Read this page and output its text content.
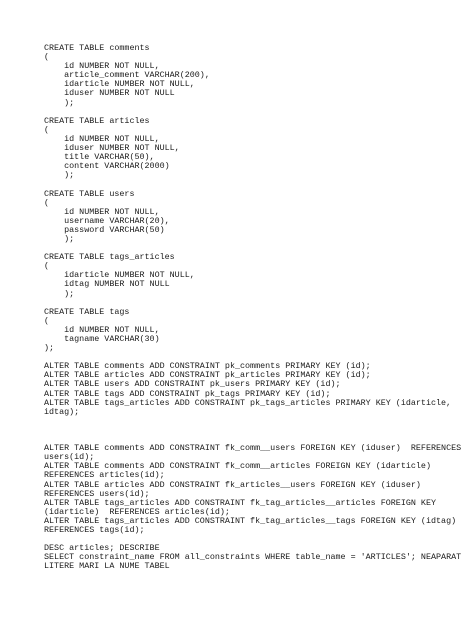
CREATE TABLE comments
(
id NUMBER NOT NULL,
article_comment VARCHAR(200),
idarticle NUMBER NOT NULL,
iduser NUMBER NOT NULL
);
CREATE TABLE articles
(
id NUMBER NOT NULL,
iduser NUMBER NOT NULL,
title VARCHAR(50),
content VARCHAR(2000)
);
CREATE TABLE users
(
id NUMBER NOT NULL,
username VARCHAR(20),
password VARCHAR(50)
);
CREATE TABLE tags_articles
(
idarticle NUMBER NOT NULL,
idtag NUMBER NOT NULL
);
CREATE TABLE tags
(
id NUMBER NOT NULL,
tagname VARCHAR(30)
);
ALTER TABLE comments ADD CONSTRAINT pk_comments PRIMARY KEY (id);
ALTER TABLE articles ADD CONSTRAINT pk_articles PRIMARY KEY (id);
ALTER TABLE users ADD CONSTRAINT pk_users PRIMARY KEY (id);
ALTER TABLE tags ADD CONSTRAINT pk_tags PRIMARY KEY (id);
ALTER TABLE tags_articles ADD CONSTRAINT pk_tags_articles PRIMARY KEY (idarticle,
idtag);
ALTER TABLE comments ADD CONSTRAINT fk_comm__users FOREIGN KEY (iduser)  REFERENCES
users(id);
ALTER TABLE comments ADD CONSTRAINT fk_comm__articles FOREIGN KEY (idarticle)
REFERENCES articles(id);
ALTER TABLE articles ADD CONSTRAINT fk_articles__users FOREIGN KEY (iduser)
REFERENCES users(id);
ALTER TABLE tags_articles ADD CONSTRAINT fk_tag_articles__articles FOREIGN KEY
(idarticle)  REFERENCES articles(id);
ALTER TABLE tags_articles ADD CONSTRAINT fk_tag_articles__tags FOREIGN KEY (idtag)
REFERENCES tags(id);
DESC articles; DESCRIBE
SELECT constraint_name FROM all_constraints WHERE table_name = 'ARTICLES'; NEAPARAT
LITERE MARI LA NUME TABEL
